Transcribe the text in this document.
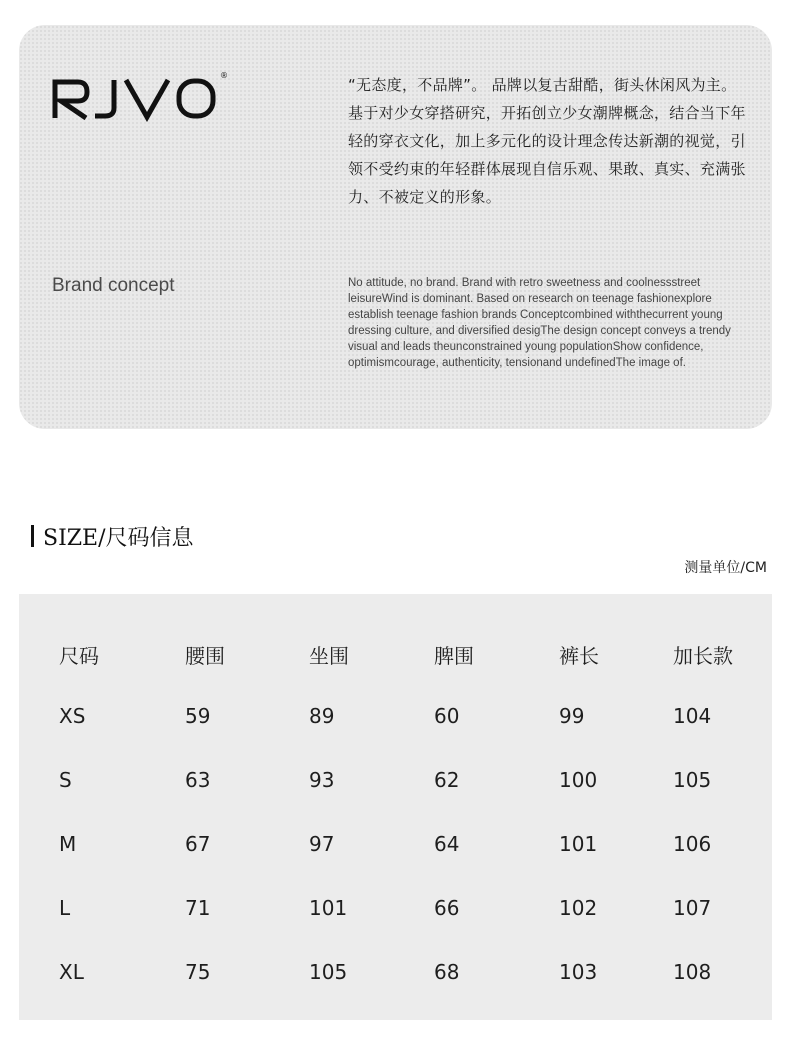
®
“无态度，不品牌”。 品牌以复古甜酷，街头休闲风为主。基于对少女穿搭研究，开拓创立少女潮牌概念，结合当下年轻的穿衣文化，加上多元化的设计理念传达新潮的视觉，引领不受约束的年轻群体展现自信乐观、果敢、真实、充满张力、不被定义的形象。
Brand concept	No attitude, no brand. Brand with retro sweetness and coolnessstreet leisureWind is dominant. Based on research on teenage fashionexplore establish teenage fashion brands Conceptcombined withthecurrent young dressing culture, and diversified desigThe design concept conveys a trendy visual and leads theunconstrained young populationShow confidence, optimismcourage, authenticity, tensionand undefinedThe image of.
SIZE/尺码信息
测量单位/CM
尺码	腰围	坐围	脾围	裤长	加长款
XS	59	89	60	99	104
S	63	93	62	100	105
M	67	97	64	101	106
L	71	101	66	102	107
XL	75	105	68	103	108
